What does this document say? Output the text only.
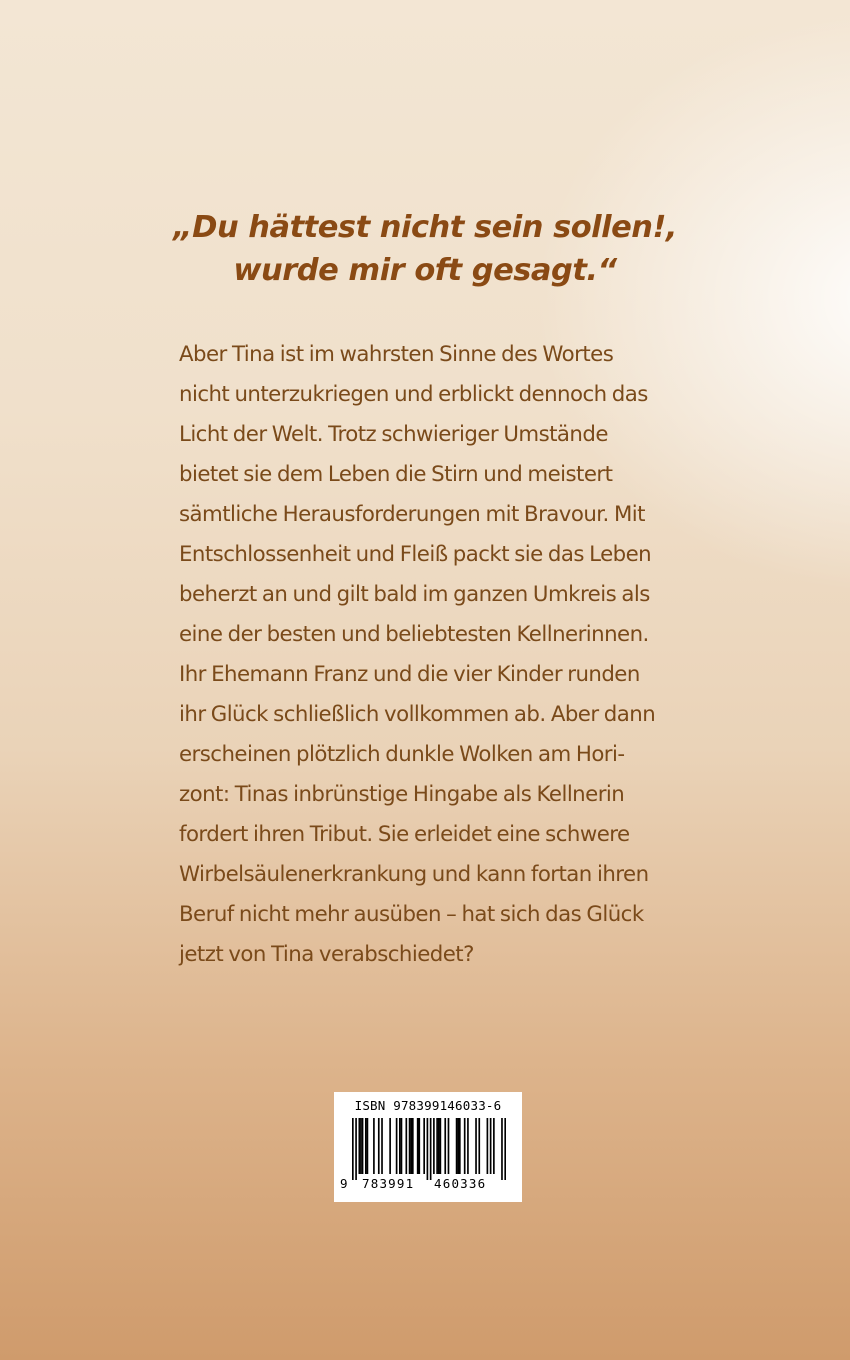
„Du hättest nicht sein sollen!,
wurde mir oft gesagt.“
Aber Tina ist im wahrsten Sinne des Wortes
nicht unterzukriegen und erblickt dennoch das
Licht der Welt. Trotz schwieriger Umstände
bietet sie dem Leben die Stirn und meistert
sämtliche Herausforderungen mit Bravour. Mit
Entschlossenheit und Fleiß packt sie das Leben
beherzt an und gilt bald im ganzen Umkreis als
eine der besten und beliebtesten Kellnerinnen.
Ihr Ehemann Franz und die vier Kinder runden
ihr Glück schließlich vollkommen ab. Aber dann
erscheinen plötzlich dunkle Wolken am Hori-
zont: Tinas inbrünstige Hingabe als Kellnerin
fordert ihren Tribut. Sie erleidet eine schwere
Wirbelsäulenerkrankung und kann fortan ihren
Beruf nicht mehr ausüben – hat sich das Glück
jetzt von Tina verabschiedet?
ISBN 978399146033-6
9 783991 460336
